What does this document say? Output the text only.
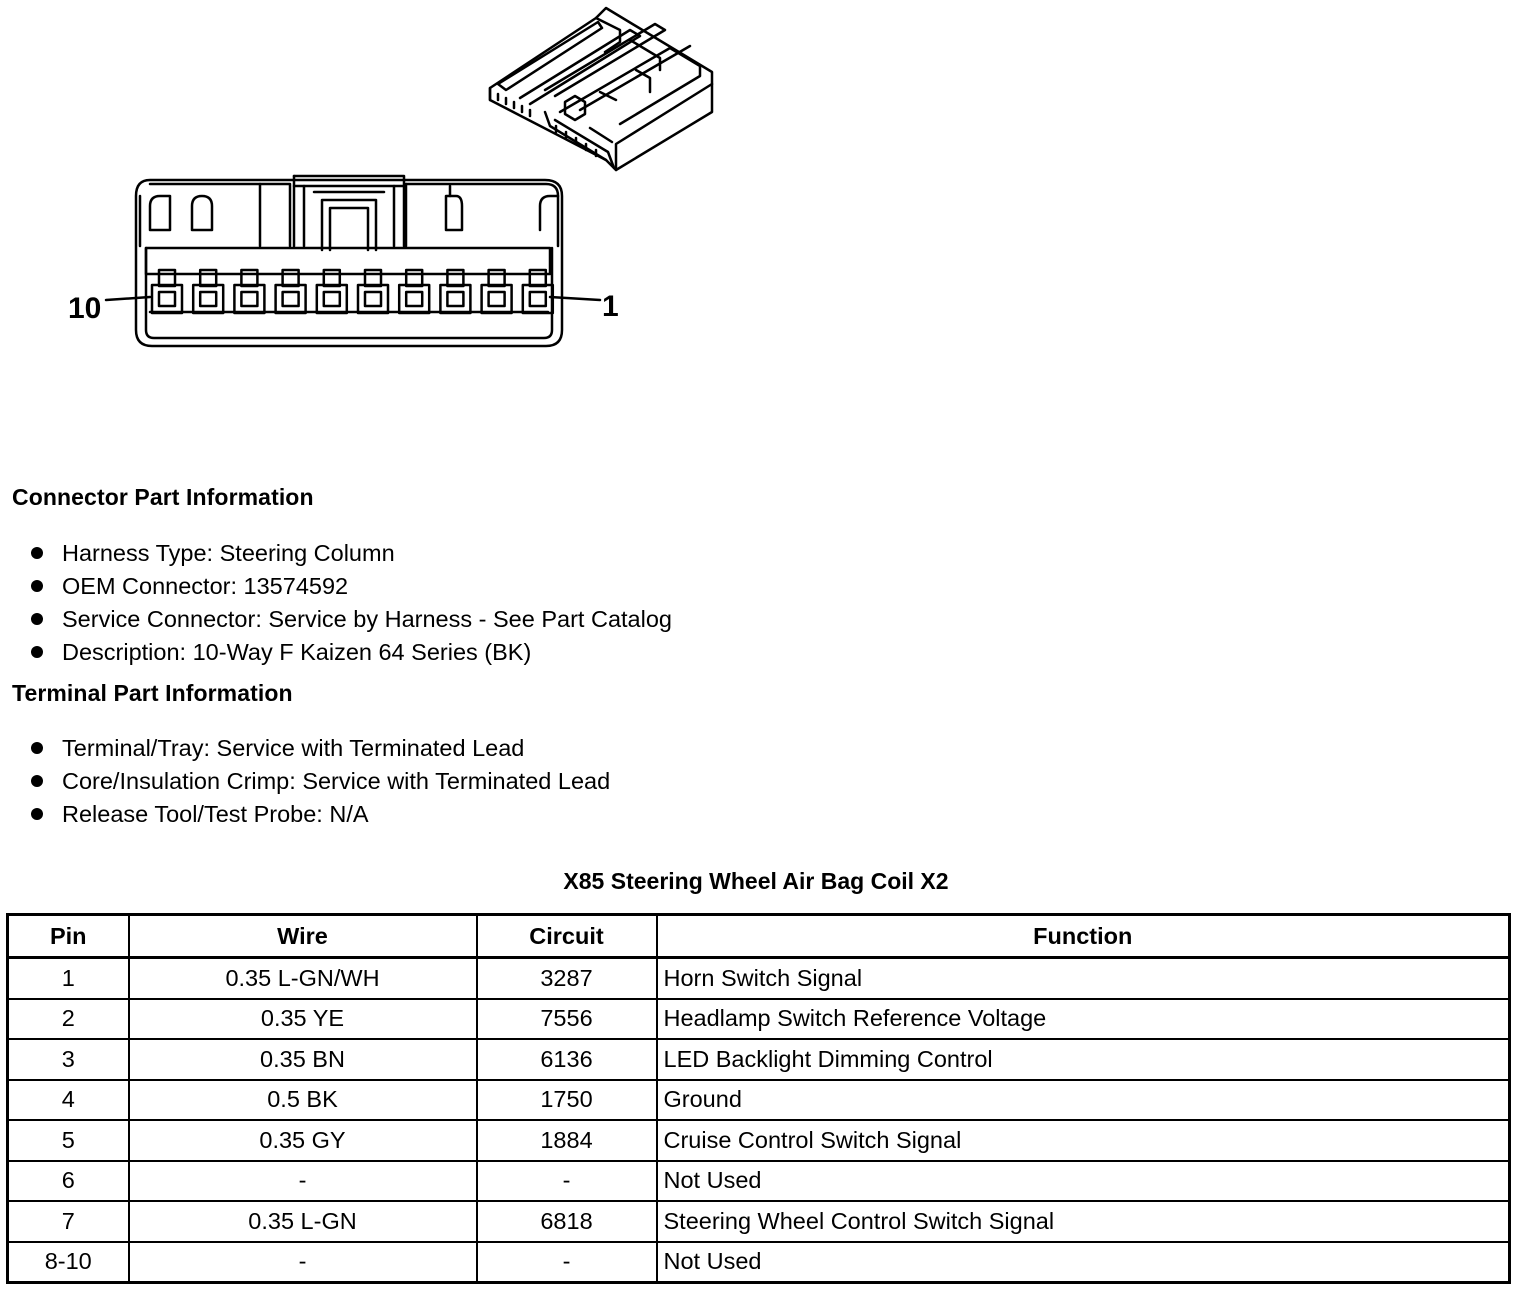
10	1
Connector Part Information
Harness Type: Steering Column
OEM Connector: 13574592
Service Connector: Service by Harness - See Part Catalog
Description: 10-Way F Kaizen 64 Series (BK)
Terminal Part Information
Terminal/Tray: Service with Terminated Lead
Core/Insulation Crimp: Service with Terminated Lead
Release Tool/Test Probe: N/A
X85 Steering Wheel Air Bag Coil X2
Pin	Wire	Circuit	Function
1	0.35 L-GN/WH	3287	Horn Switch Signal
2	0.35 YE	7556	Headlamp Switch Reference Voltage
3	0.35 BN	6136	LED Backlight Dimming Control
4	0.5 BK	1750	Ground
5	0.35 GY	1884	Cruise Control Switch Signal
6	-	-	Not Used
7	0.35 L-GN	6818	Steering Wheel Control Switch Signal
8-10	-	-	Not Used
